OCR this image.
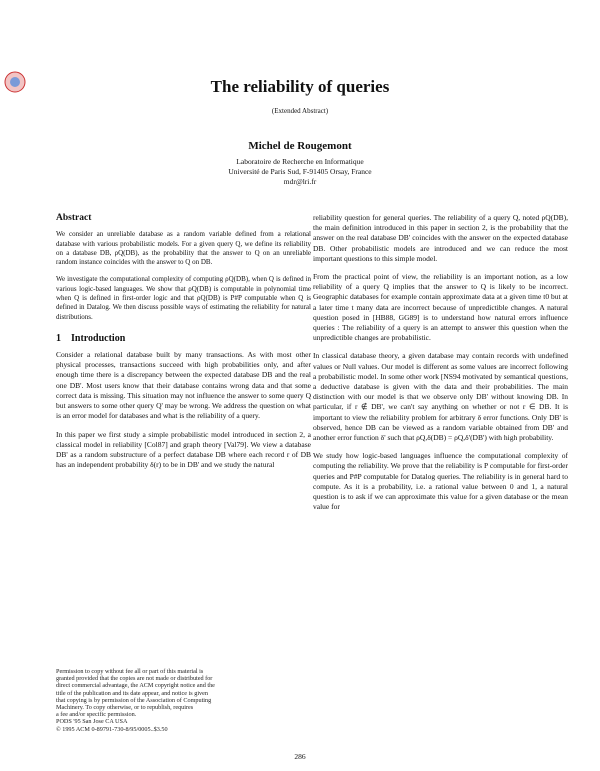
The reliability of queries
(Extended Abstract)
Michel de Rougemont
Laboratoire de Recherche en Informatique
Université de Paris Sud, F-91405 Orsay, France
mdr@lri.fr
Abstract

We consider an unreliable database as a random variable defined from a relational database with various probabilistic models. For a given query Q, we define its reliability on a database DB, ρQ(DB), as the probability that the answer to Q on an unreliable random instance coincides with the answer to Q on DB.

We investigate the computational complexity of computing ρQ(DB), when Q is defined in various logic-based languages. We show that ρQ(DB) is computable in polynomial time when Q is defined in first-order logic and that ρQ(DB) is P#P computable when Q is defined in Datalog. We then discuss possible ways of estimating the reliability for natural distributions.

1 Introduction

Consider a relational database built by many transactions. As with most other physical processes, transactions succeed with high probabilities only, and after enough time there is a discrepancy between the expected database DB and the real one DB'. Most users know that their database contains wrong data and that some correct data is missing. This situation may not influence the answer to some query Q but answers to some other query Q' may be wrong. We address the question on what is an error model for databases and what is the reliability of a query.

In this paper we first study a simple probabilistic model introduced in section 2, a classical model in reliability [Col87] and graph theory [Val79]. We view a database DB' as a random substructure of a perfect database DB where each record r of DB has an independent probability δ(r) to be in DB' and we study the natural

reliability question for general queries. The reliability of a query Q, noted ρQ(DB), the main definition introduced in this paper in section 2, is the probability that the answer on the real database DB' coincides with the answer on the expected database DB. Other probabilistic models are introduced and we can reduce the most important questions to this simple model.

From the practical point of view, the reliability is an important notion, as a low reliability of a query Q implies that the answer to Q is likely to be incorrect. Geographic databases for example contain approximate data at a given time t0 but at a later time t many data are incorrect because of unpredictible changes. A natural question posed in [HB88, GG89] is to understand how natural errors influence queries : The reliability of a query is an attempt to answer this question when the unpredictible changes are probabilistic.

In classical database theory, a given database may contain records with undefined values or Null values. Our model is different as some values are incorrect following a probabilistic model. In some other work [NS94 motivated by semantical questions, a deductive database is given with the data and their probabilities. The main distinction with our model is that we observe only DB' without knowing DB. In particular, if r ∉ DB', we can't say anything on whether or not r ∈ DB. It is important to view the reliability problem for arbitrary δ error functions. Only DB' is observed, hence DB can be viewed as a random variable obtained from DB' and another error function δ' such that ρQ,δ(DB) = ρQ,δ'(DB') with high probability.

We study how logic-based languages influence the computational complexity of computing the reliability. We prove that the reliability is P computable for first-order queries and P#P computable for Datalog queries. The reliability is in general hard to compute. As it is a probability, i.e. a rational value between 0 and 1, a natural question is to ask if we can approximate this value for a given database or the mean value for

Permission to copy without fee all or part of this material is
granted provided that the copies are not made or distributed for
direct commercial advantage, the ACM copyright notice and the
title of the publication and its date appear, and notice is given
that copying is by permission of the Association of Computing
Machinery. To copy otherwise, or to republish, requires
a fee and/or specific permission.
PODS '95 San Jose CA USA
© 1995 ACM 0-89791-730-8/95/0005..$3.50
286
